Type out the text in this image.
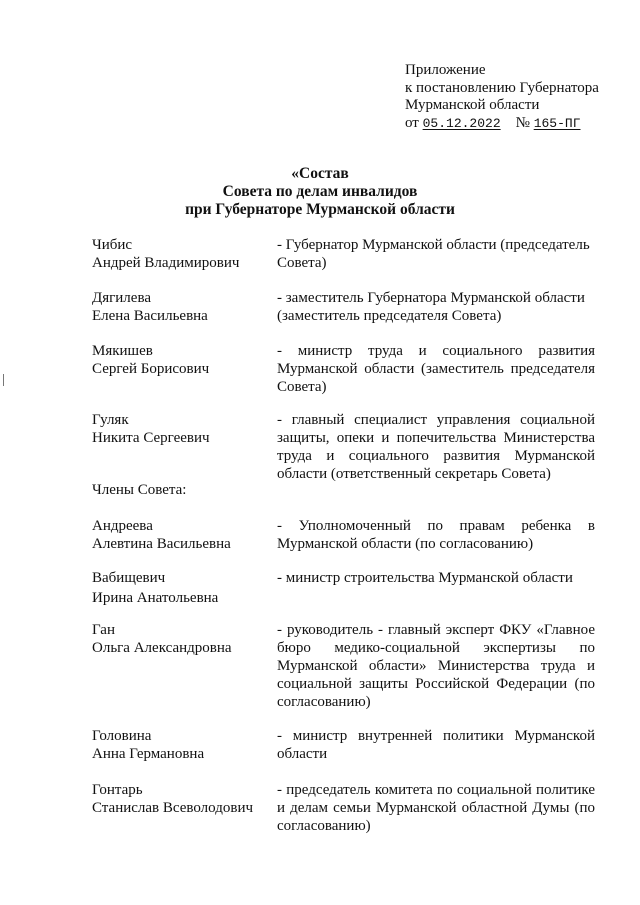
Приложение
к постановлению Губернатора
Мурманской области
от 05.12.2022 № 165-ПГ
«Состав
Совета по делам инвалидов
при Губернаторе Мурманской области
Чибис
Андрей Владимирович
- Губернатор Мурманской области (председатель Совета)
Дягилева
Елена Васильевна
- заместитель Губернатора Мурманской области (заместитель председателя Совета)
Мякишев
Сергей Борисович
- министр труда и социального развития Мурманской области (заместитель председателя Совета)
Гуляк
Никита Сергеевич
- главный специалист управления социальной защиты, опеки и попечительства Министерства труда и социального развития Мурманской области (ответственный секретарь Совета)
Члены Совета:
Андреева
Алевтина Васильевна
- Уполномоченный по правам ребенка в Мурманской области (по согласованию)
Вабищевич
Ирина Анатольевна
- министр строительства Мурманской области
Ган
Ольга Александровна
- руководитель - главный эксперт ФКУ «Главное бюро медико-социальной экспертизы по Мурманской области» Министерства труда и социальной защиты Российской Федерации (по согласованию)
Головина
Анна Германовна
- министр внутренней политики Мурманской области
Гонтарь
Станислав Всеволодович
- председатель комитета по социальной политике и делам семьи Мурманской областной Думы (по согласованию)
